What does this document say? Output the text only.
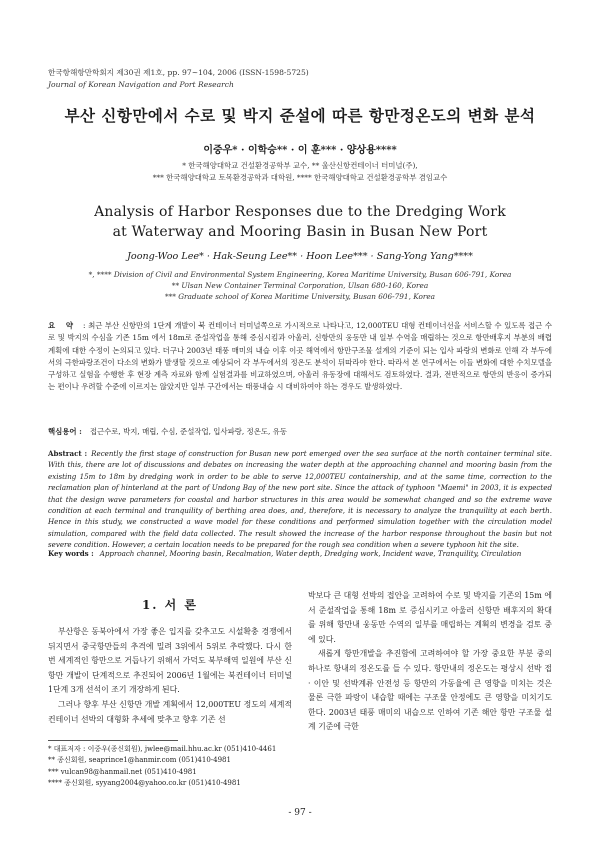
한국항해항만학회지 제30권 제1호, pp. 97~104, 2006 (ISSN-1598-5725)
Journal of Korean Navigation and Port Research
부산 신항만에서 수로 및 박지 준설에 따른 항만정온도의 변화 분석
이중우* · 이학승** · 이 훈*** · 양상용****
* 한국해양대학교 건설환경공학부 교수, ** 울산신항컨테이너 터미널(주),
*** 한국해양대학교 토목환경공학과 대학원, **** 한국해양대학교 건설환경공학부 겸임교수
Analysis of Harbor Responses due to the Dredging Work
at Waterway and Mooring Basin in Busan New Port
Joong-Woo Lee* · Hak-Seung Lee** · Hoon Lee*** · Sang-Yong Yang****
*, **** Division of Civil and Environmental System Engineering, Korea Maritime University, Busan 606-791, Korea
** Ulsan New Container Terminal Corporation, Ulsan 680-160, Korea
*** Graduate school of Korea Maritime University, Busan 606-791, Korea
요 약 : 최근 부산 신항만의 1단계 개발이 북 컨테이너 터미널쪽으로 가시적으로 나타나고, 12,000TEU 대형 컨테이너선을 서비스할 수 있도록 접근 수로 및 박지의 수심을 기존 15m 에서 18m로 준설작업을 통해 증심시킴과 아울러, 신항만의 웅동만 내 일부 수역을 매립하는 것으로 항만배후지 부분의 배렵계획에 대한 수정이 논의되고 있다. 더구나 2003년 태풍 매미의 내습 이후 이곳 해역에서 항만구조물 설계의 기준이 되는 입사 파랑의 변화로 인해 각 부두에서의 극한파랑조건이 다소의 변화가 발생할 것으로 예상되어 각 부두에서의 정온도 분석이 뒤따라야 한다. 따라서 본 연구에서는 이들 변화에 대한 수치모델을 구성하고 실험을 수행한 후 현장 계측 자료와 함께 실험결과를 비교하였으며, 아울러 유동장에 대해서도 검토하였다. 결과, 전반적으로 항만의 반응이 증가되는 편이나 우려할 수준에 이르지는 않았지만 일부 구간에서는 태풍내습 시 대비하여야 하는 경우도 발생하였다.
핵심용어 : 접근수로, 박지, 매립, 수심, 준설작업, 입사파랑, 정온도, 유동
Abstract : Recently the first stage of construction for Busan new port emerged over the sea surface at the north container terminal site. With this, there are lot of discussions and debates on increasing the water depth at the approaching channel and mooring basin from the existing 15m to 18m by dredging work in order to be able to serve 12,000TEU containership, and at the same time, correction to the reclamation plan of hinterland at the part of Undong Bay of the new port site. Since the attack of typhoon "Maemi" in 2003, it is expected that the design wave parameters for coastal and harbor structures in this area would be somewhat changed and so the extreme wave condition at each terminal and tranquility of berthing area does, and, therefore, it is necessary to analyze the tranquility at each berth. Hence in this study, we constructed a wave model for these conditions and performed simulation together with the circulation model simulation, compared with the field data collected. The result showed the increase of the harbor response throughout the basin but not severe condition. However, a certain location needs to be prepared for the rough sea condition when a severe typhoon hit the site.
Key words : Approach channel, Mooring basin, Recalmation, Water depth, Dredging work, Incident wave, Tranquility, Circulation
1. 서 론

부산항은 동북아에서 가장 좋은 입지를 갖추고도 시설확충 경쟁에서 뒤지면서 중국항만들의 추격에 밀려 3위에서 5위로 추락했다. 다시 한번 세계적인 항만으로 거듭나기 위해서 가덕도 북부해역 일원에 부산 신항만 개발이 단계적으로 추진되어 2006년 1월에는 북컨테이너 터미널 1단계 3개 선석이 조기 개장하게 된다.

그러나 향후 부산 신항만 개발 계획에서 12,000TEU 정도의 세계적 컨테이너 선박의 대형화 추세에 맞추고 향후 기존 선

박보다 큰 대형 선박의 접안을 고려하여 수로 및 박지를 기존의 15m 에서 준설작업을 통해 18m 로 증심시키고 아울러 신항만 배후지의 확대를 위해 항만내 웅동만 수역의 일부를 매립하는 계획의 변경을 검토 중에 있다.

새롭게 항만개발을 추진함에 고려하여야 할 가장 중요한 부분 중의 하나로 항내의 정온도를 들 수 있다. 항만내의 정온도는 평상시 선박 접 · 이안 및 선박계류 안전성 등 항만의 가동율에 큰 영향을 미치는 것은 물론 극한 파랑이 내습할 때에는 구조물 안정에도 큰 영향을 미치기도 한다. 2003년 태풍 매미의 내습으로 인하여 기존 해안 항만 구조물 설계 기준에 극한

* 대표저자 : 이중우(종신회원), jwlee@mail.hhu.ac.kr (051)410-4461
** 종신회원, seaprince1@hanmir.com (051)410-4981
*** vulcan98@hanmail.net (051)410-4981
**** 종신회원, syyang2004@yahoo.co.kr (051)410-4981
- 97 -
